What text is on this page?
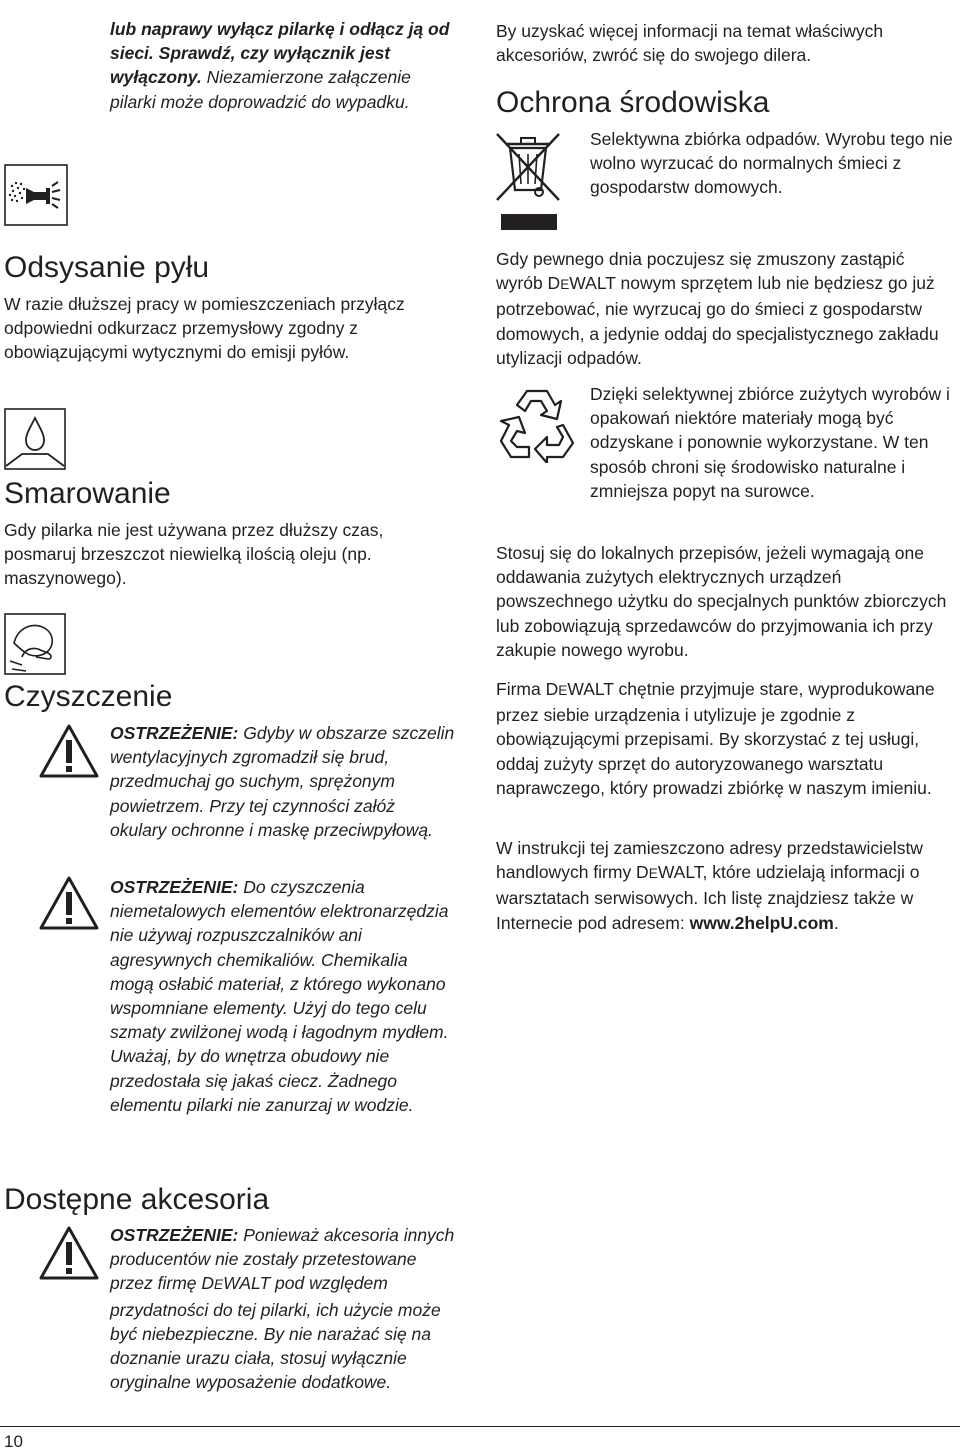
lub naprawy wyłącz pilarkę i odłącz ją od sieci. Sprawdź, czy wyłącznik jest wyłączony. Niezamierzone załączenie pilarki może doprowadzić do wypadku.
Odsysanie pyłu
W razie dłuższej pracy w pomieszczeniach przyłącz odpowiedni odkurzacz przemysłowy zgodny z obowiązującymi wytycznymi do emisji pyłów.
Smarowanie
Gdy pilarka nie jest używana przez dłuższy czas, posmaruj brzeszczot niewielką ilością oleju (np. maszynowego).
Czyszczenie
OSTRZEŻENIE: Gdyby w obszarze szczelin wentylacyjnych zgromadził się brud, przedmuchaj go suchym, sprężonym powietrzem. Przy tej czynności załóż okulary ochronne i maskę przeciwpyłową.
OSTRZEŻENIE: Do czyszczenia niemetalowych elementów elektronarzędzia nie używaj rozpuszczalników ani agresywnych chemikaliów. Chemikalia mogą osłabić materiał, z którego wykonano wspomniane elementy. Użyj do tego celu szmaty zwilżonej wodą i łagodnym mydłem. Uważaj, by do wnętrza obudowy nie przedostała się jakaś ciecz. Żadnego elementu pilarki nie zanurzaj w wodzie.
Dostępne akcesoria
OSTRZEŻENIE: Ponieważ akcesoria innych producentów nie zostały przetestowane przez firmę DEWALT pod względem przydatności do tej pilarki, ich użycie może być niebezpieczne. By nie narażać się na doznanie urazu ciała, stosuj wyłącznie oryginalne wyposażenie dodatkowe.
By uzyskać więcej informacji na temat właściwych akcesoriów, zwróć się do swojego dilera.
Ochrona środowiska
Selektywna zbiórka odpadów. Wyrobu tego nie wolno wyrzucać do normalnych śmieci z gospodarstw domowych.
Gdy pewnego dnia poczujesz się zmuszony zastąpić wyrób DEWALT nowym sprzętem lub nie będziesz go już potrzebować, nie wyrzucaj go do śmieci z gospodarstw domowych, a jedynie oddaj do specjalistycznego zakładu utylizacji odpadów.
Dzięki selektywnej zbiórce zużytych wyrobów i opakowań niektóre materiały mogą być odzyskane i ponownie wykorzystane. W ten sposób chroni się środowisko naturalne i zmniejsza popyt na surowce.
Stosuj się do lokalnych przepisów, jeżeli wymagają one oddawania zużytych elektrycznych urządzeń powszechnego użytku do specjalnych punktów zbiorczych lub zobowiązują sprzedawców do przyjmowania ich przy zakupie nowego wyrobu.
Firma DEWALT chętnie przyjmuje stare, wyprodukowane przez siebie urządzenia i utylizuje je zgodnie z obowiązującymi przepisami. By skorzystać z tej usługi, oddaj zużyty sprzęt do autoryzowanego warsztatu naprawczego, który prowadzi zbiórkę w naszym imieniu.
W instrukcji tej zamieszczono adresy przedstawicielstw handlowych firmy DEWALT, które udzielają informacji o warsztatach serwisowych. Ich listę znajdziesz także w Internecie pod adresem: www.2helpU.com.
10
